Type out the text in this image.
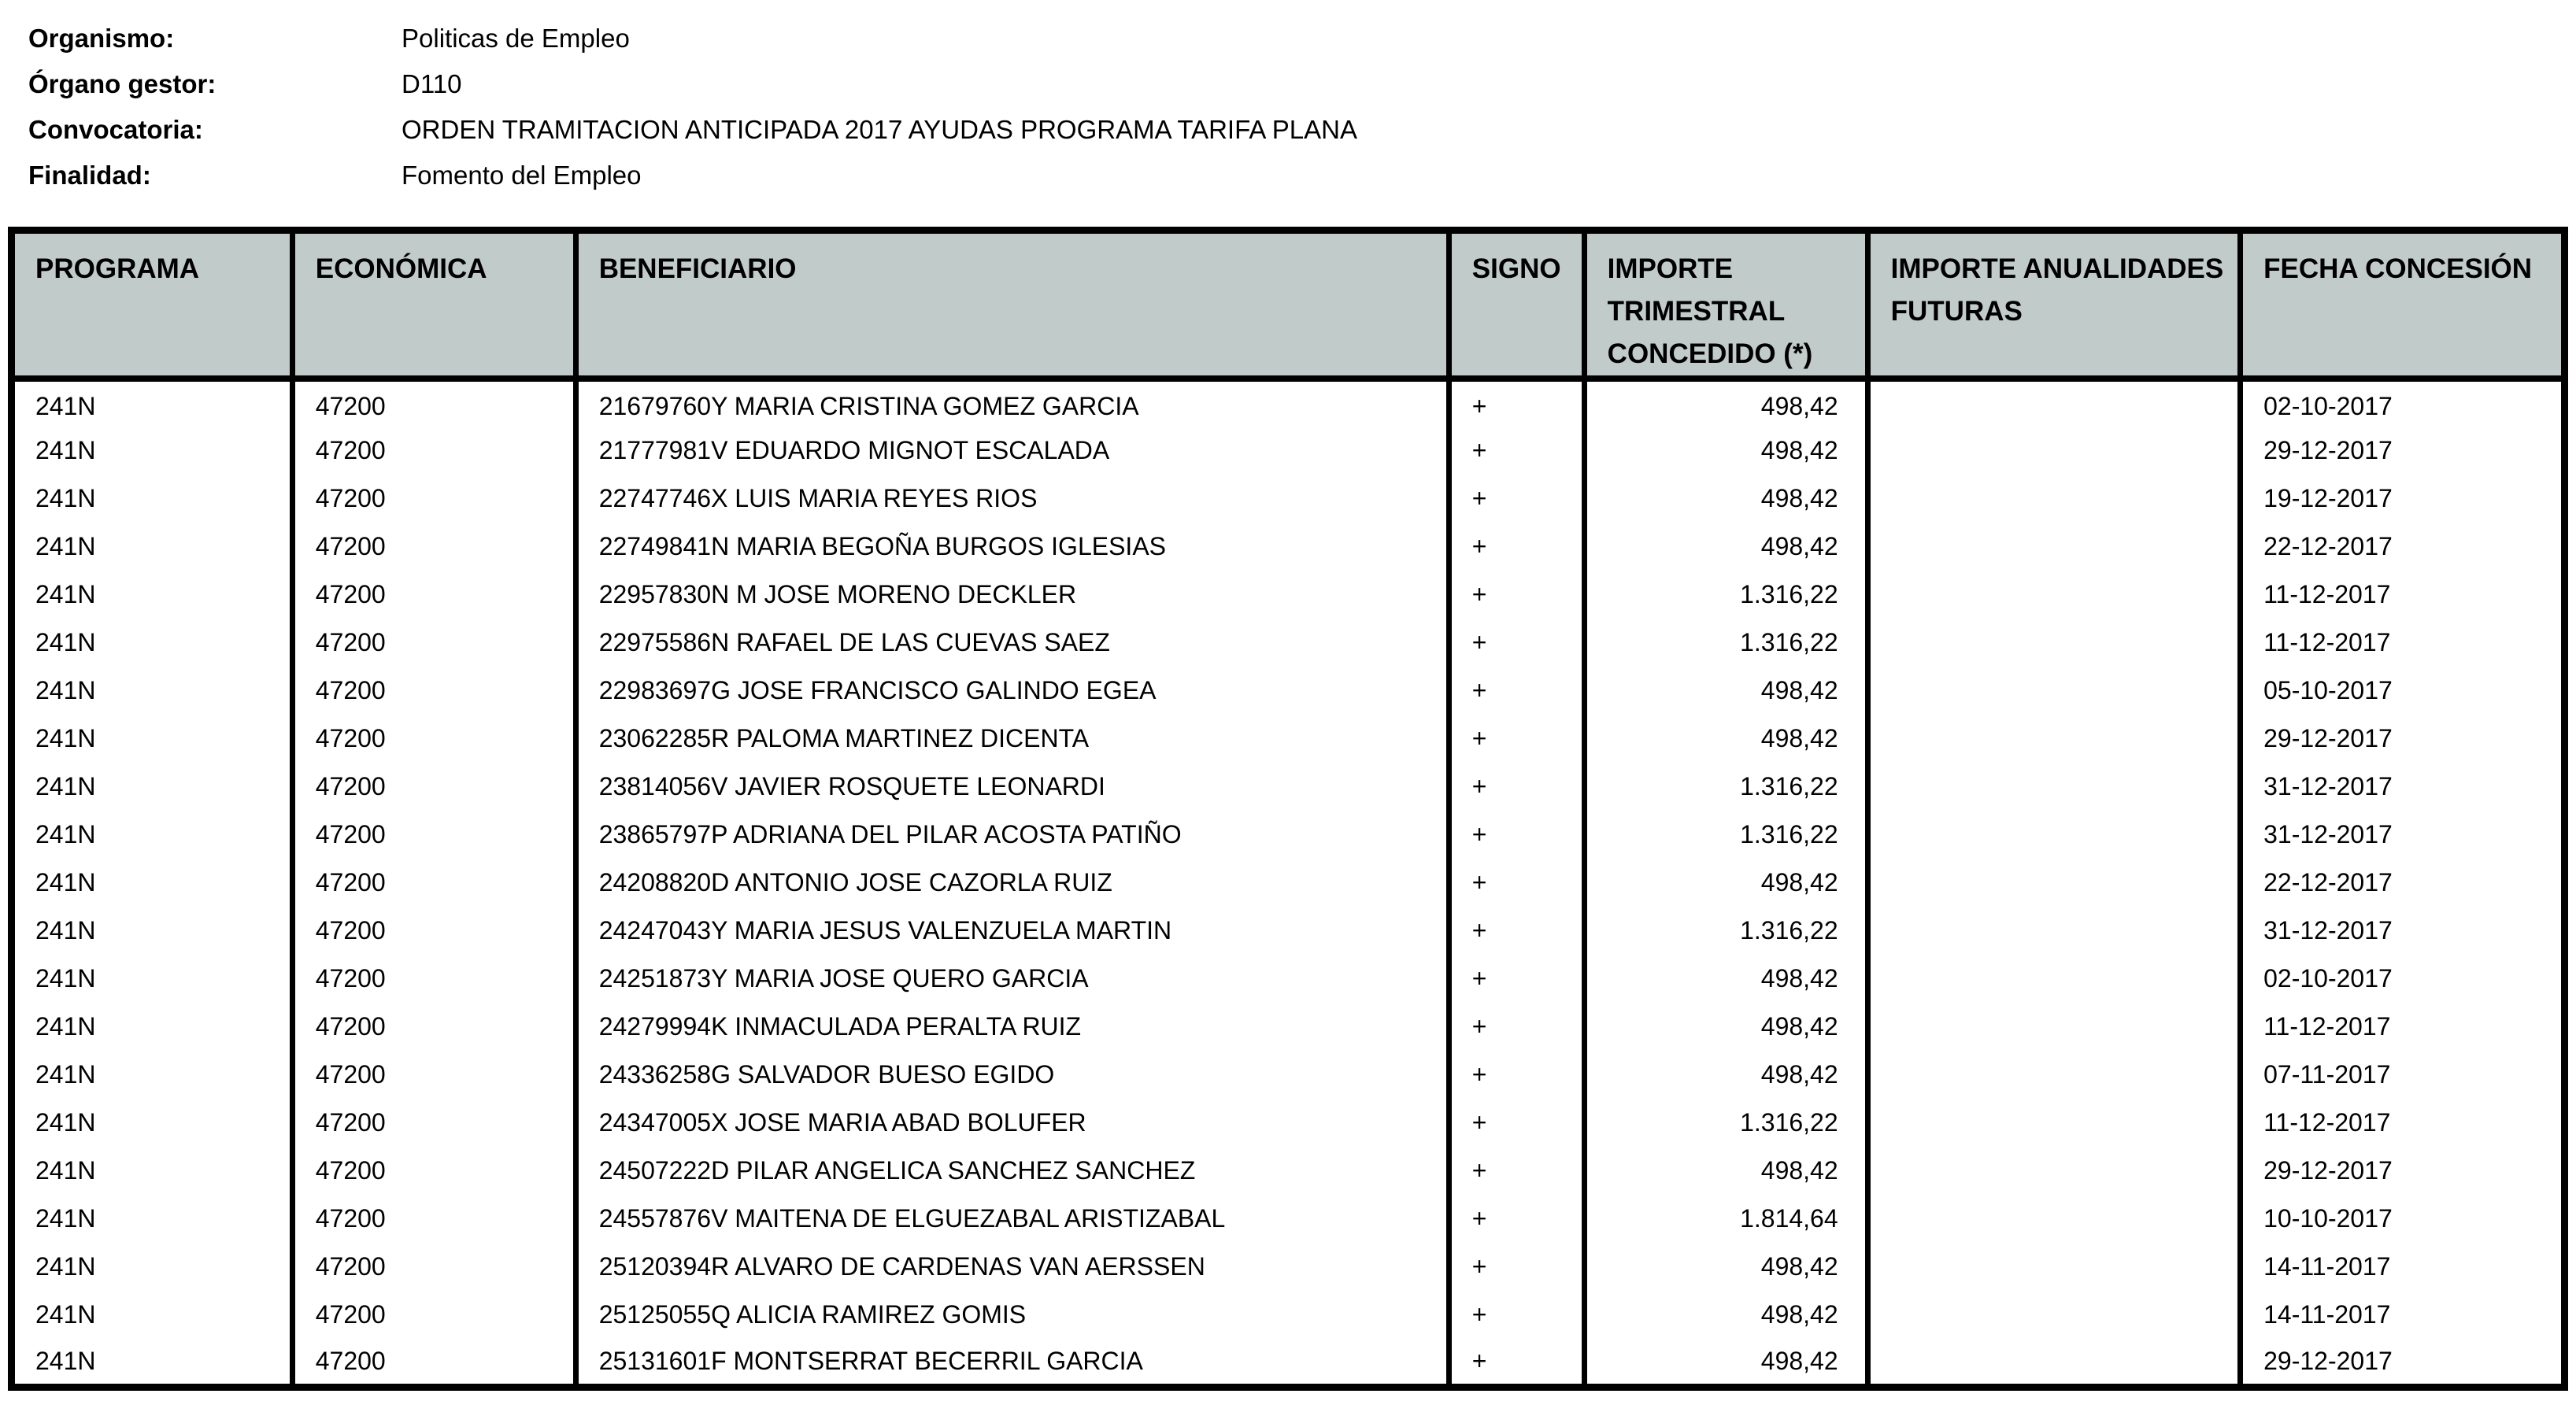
Organismo:	Politicas de Empleo
Órgano gestor:	D110
Convocatoria:	ORDEN TRAMITACION ANTICIPADA 2017 AYUDAS PROGRAMA TARIFA PLANA
Finalidad:	Fomento del Empleo
PROGRAMA	ECONÓMICA	BENEFICIARIO	SIGNO	IMPORTE TRIMESTRAL CONCEDIDO (*)	IMPORTE ANUALIDADES FUTURAS	FECHA CONCESIÓN
241N	47200	21679760Y MARIA CRISTINA GOMEZ GARCIA	+	498,42		02-10-2017
241N	47200	21777981V EDUARDO MIGNOT ESCALADA	+	498,42		29-12-2017
241N	47200	22747746X LUIS MARIA REYES RIOS	+	498,42		19-12-2017
241N	47200	22749841N MARIA BEGOÑA BURGOS IGLESIAS	+	498,42		22-12-2017
241N	47200	22957830N M JOSE MORENO DECKLER	+	1.316,22		11-12-2017
241N	47200	22975586N RAFAEL DE LAS CUEVAS SAEZ	+	1.316,22		11-12-2017
241N	47200	22983697G JOSE FRANCISCO GALINDO EGEA	+	498,42		05-10-2017
241N	47200	23062285R PALOMA MARTINEZ DICENTA	+	498,42		29-12-2017
241N	47200	23814056V JAVIER ROSQUETE LEONARDI	+	1.316,22		31-12-2017
241N	47200	23865797P ADRIANA DEL PILAR ACOSTA PATIÑO	+	1.316,22		31-12-2017
241N	47200	24208820D ANTONIO JOSE CAZORLA RUIZ	+	498,42		22-12-2017
241N	47200	24247043Y MARIA JESUS VALENZUELA MARTIN	+	1.316,22		31-12-2017
241N	47200	24251873Y MARIA JOSE QUERO GARCIA	+	498,42		02-10-2017
241N	47200	24279994K INMACULADA PERALTA RUIZ	+	498,42		11-12-2017
241N	47200	24336258G SALVADOR BUESO EGIDO	+	498,42		07-11-2017
241N	47200	24347005X JOSE MARIA ABAD BOLUFER	+	1.316,22		11-12-2017
241N	47200	24507222D PILAR ANGELICA SANCHEZ SANCHEZ	+	498,42		29-12-2017
241N	47200	24557876V MAITENA DE ELGUEZABAL ARISTIZABAL	+	1.814,64		10-10-2017
241N	47200	25120394R ALVARO DE CARDENAS VAN AERSSEN	+	498,42		14-11-2017
241N	47200	25125055Q ALICIA RAMIREZ GOMIS	+	498,42		14-11-2017
241N	47200	25131601F MONTSERRAT BECERRIL GARCIA	+	498,42		29-12-2017
